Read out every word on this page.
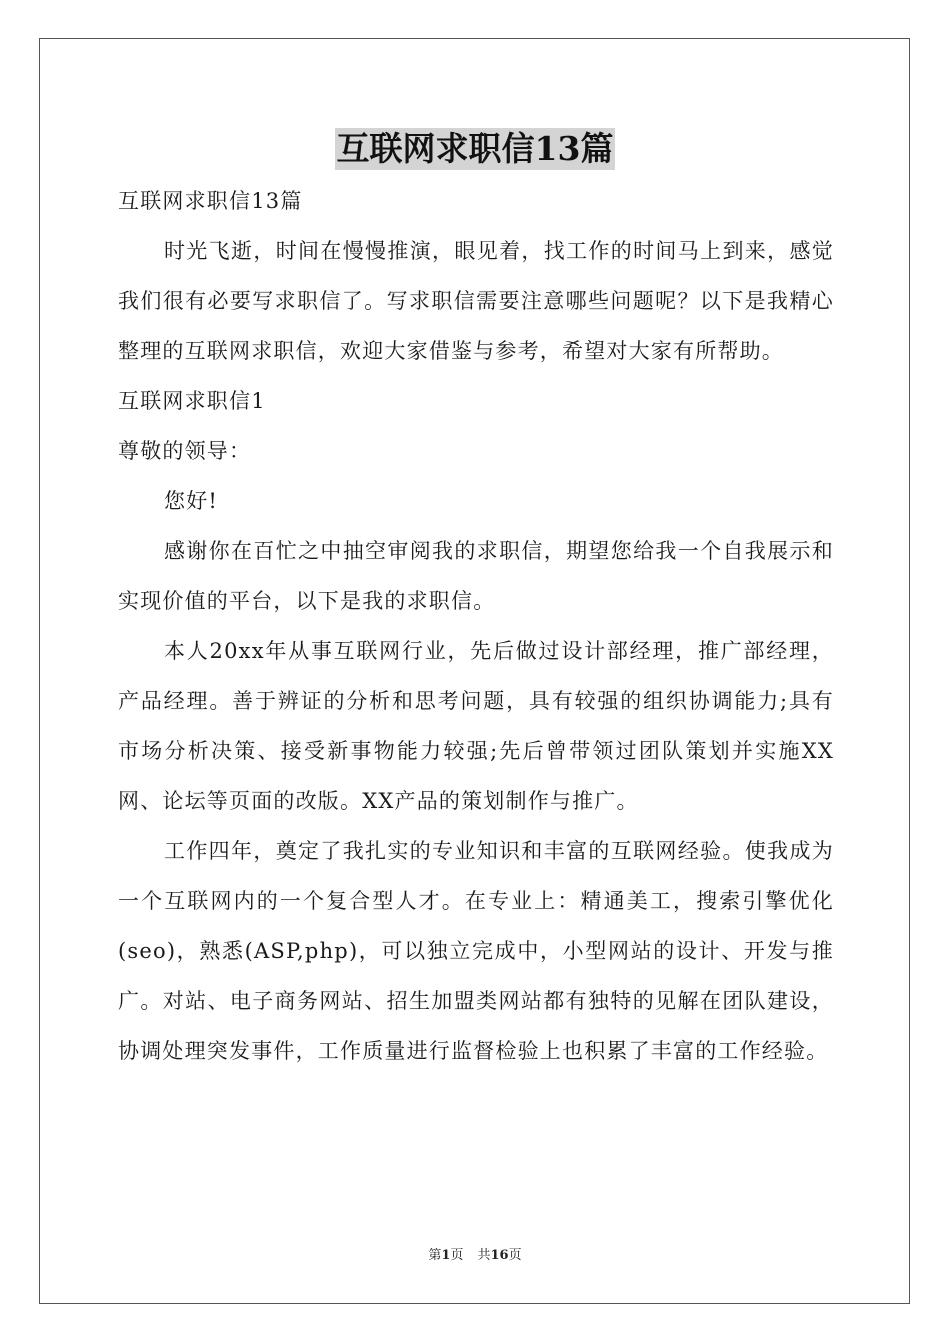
互联网求职信13篇

互联网求职信13篇

时光飞逝，时间在慢慢推演，眼见着，找工作的时间马上到来，感觉我们很有必要写求职信了。写求职信需要注意哪些问题呢？以下是我精心整理的互联网求职信，欢迎大家借鉴与参考，希望对大家有所帮助。

互联网求职信1

尊敬的领导：

您好!

感谢你在百忙之中抽空审阅我的求职信，期望您给我一个自我展示和实现价值的平台，以下是我的求职信。

本人20xx年从事互联网行业，先后做过设计部经理，推广部经理，产品经理。善于辨证的分析和思考问题，具有较强的组织协调能力;具有市场分析决策、接受新事物能力较强;先后曾带领过团队策划并实施XX网、论坛等页面的改版。XX产品的策划制作与推广。

工作四年，奠定了我扎实的专业知识和丰富的互联网经验。使我成为一个互联网内的一个复合型人才。在专业上：精通美工，搜索引擎优化(seo)，熟悉(ASP,php)，可以独立完成中，小型网站的设计、开发与推广。对站、电子商务网站、招生加盟类网站都有独特的见解在团队建设，协调处理突发事件，工作质量进行监督检验上也积累了丰富的工作经验。

第1页 共16页
